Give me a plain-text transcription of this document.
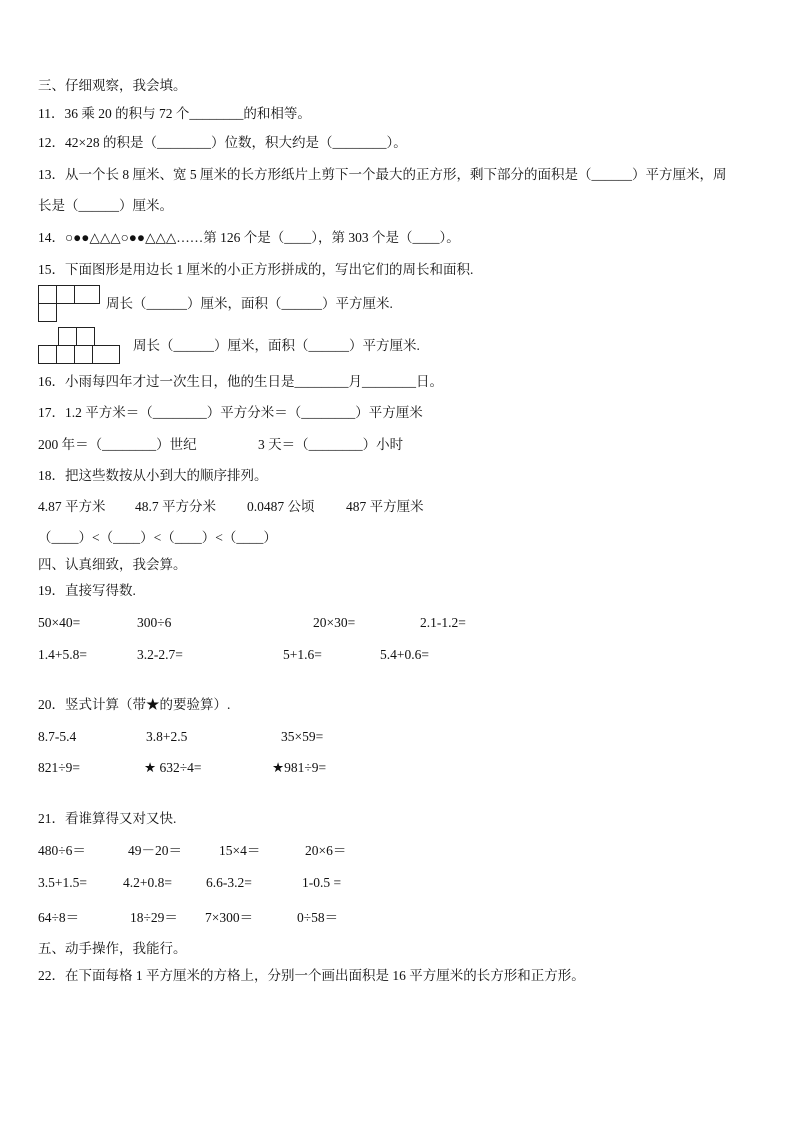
三、仔细观察，我会填。
11．36 乘 20 的积与 72 个________的和相等。
12．42×28 的积是（________）位数，积大约是（________）。
13．从一个长 8 厘米、宽 5 厘米的长方形纸片上剪下一个最大的正方形，剩下部分的面积是（______）平方厘米，周
长是（______）厘米。
14．○●●△△△○●●△△△……第 126 个是（____），第 303 个是（____）。
15．下面图形是用边长 1 厘米的小正方形拼成的，写出它们的周长和面积.
周长（______）厘米，面积（______）平方厘米.
周长（______）厘米，面积（______）平方厘米.
16．小雨每四年才过一次生日，他的生日是________月________日。
17．1.2 平方米＝（________）平方分米＝（________）平方厘米
200 年＝（________）世纪	3 天＝（________）小时
18．把这些数按从小到大的顺序排列。
4.87 平方米 48.7 平方分米 0.0487 公顷 487 平方厘米
（____）<（____）<（____）<（____）
四、认真细致，我会算。
19．直接写得数.
50×40=	300÷6	20×30=	2.1-1.2=
1.4+5.8=	3.2-2.7=	5+1.6=	5.4+0.6=
20．竖式计算（带★的要验算）.
8.7-5.4	3.8+2.5	35×59=
821÷9=	★ 632÷4=	★981÷9=
21．看谁算得又对又快.
480÷6＝	49－20＝	15×4＝	20×6＝
3.5+1.5=	4.2+0.8=	6.6-3.2=	1-0.5 =
64÷8＝	18÷29＝ 7×300＝	0÷58＝
五、动手操作，我能行。
22．在下面每格 1 平方厘米的方格上，分别一个画出面积是 16 平方厘米的长方形和正方形。
